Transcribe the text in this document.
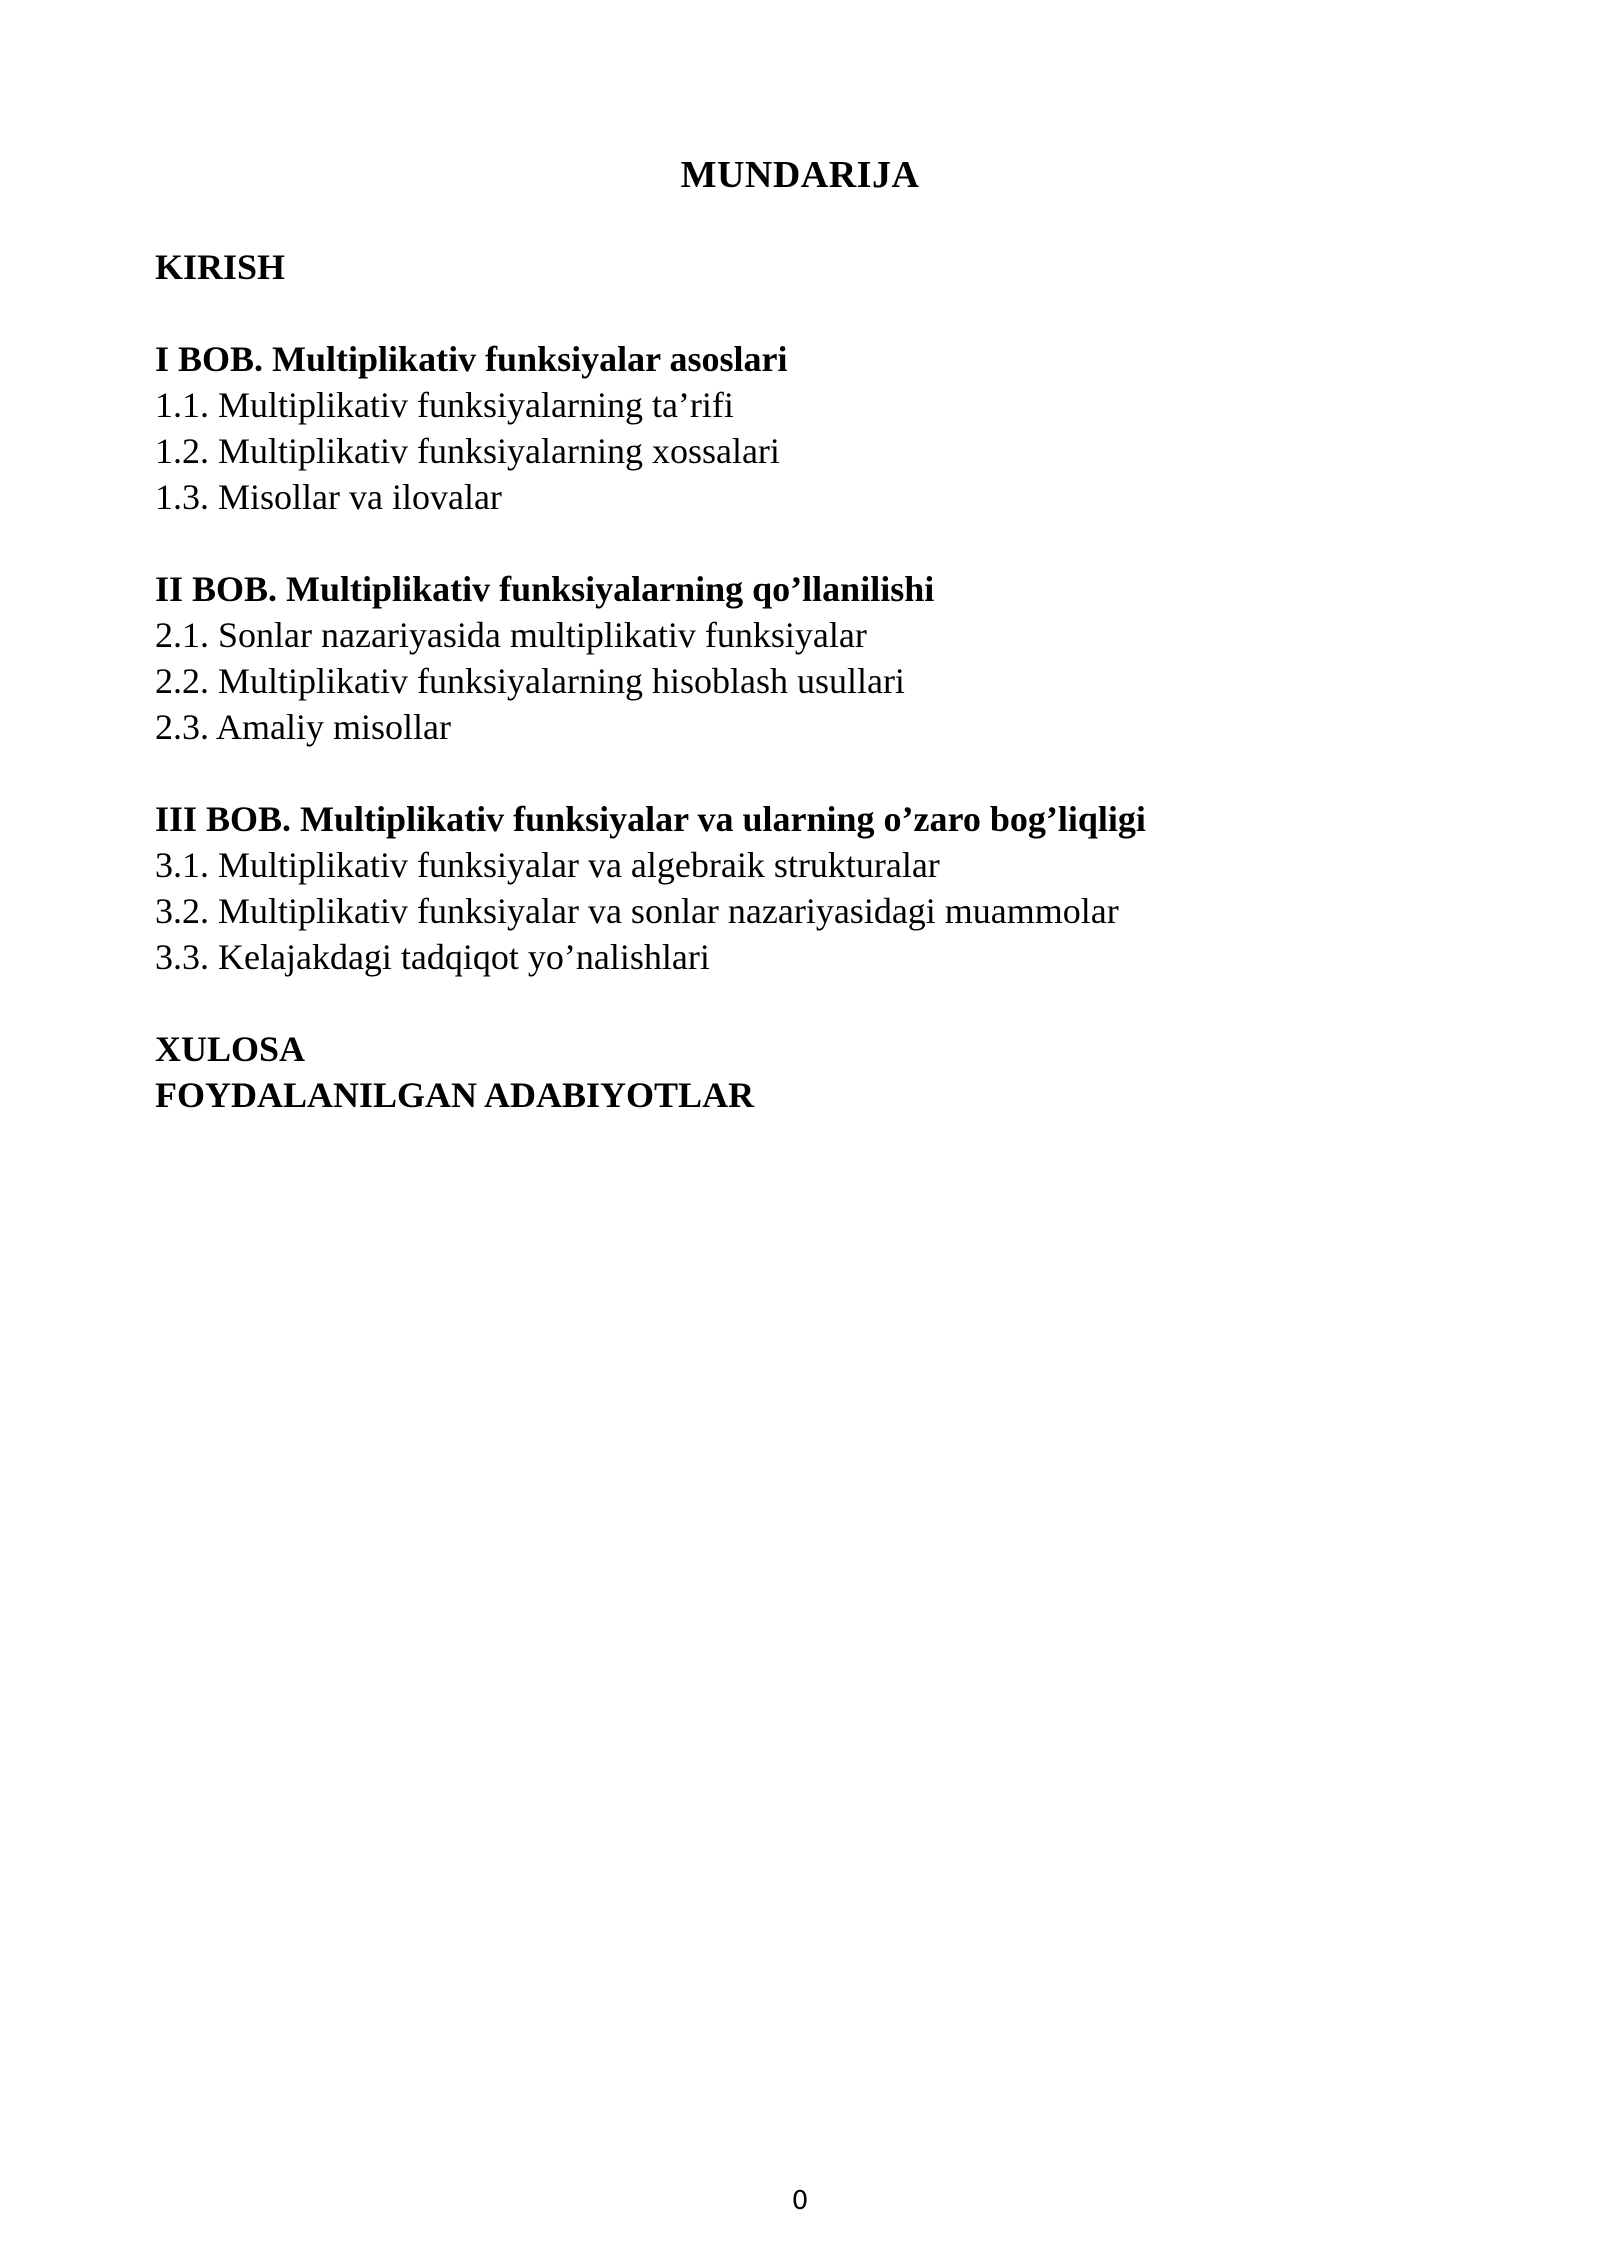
MUNDARIJA
KIRISH
I BOB. Multiplikativ funksiyalar asoslari
1.1. Multiplikativ funksiyalarning ta’rifi
1.2. Multiplikativ funksiyalarning xossalari
1.3. Misollar va ilovalar
II BOB. Multiplikativ funksiyalarning qo’llanilishi
2.1. Sonlar nazariyasida multiplikativ funksiyalar
2.2. Multiplikativ funksiyalarning hisoblash usullari
2.3. Amaliy misollar
III BOB. Multiplikativ funksiyalar va ularning o’zaro bog’liqligi
3.1. Multiplikativ funksiyalar va algebraik strukturalar
3.2. Multiplikativ funksiyalar va sonlar nazariyasidagi muammolar
3.3. Kelajakdagi tadqiqot yo’nalishlari
XULOSA
FOYDALANILGAN ADABIYOTLAR
0
